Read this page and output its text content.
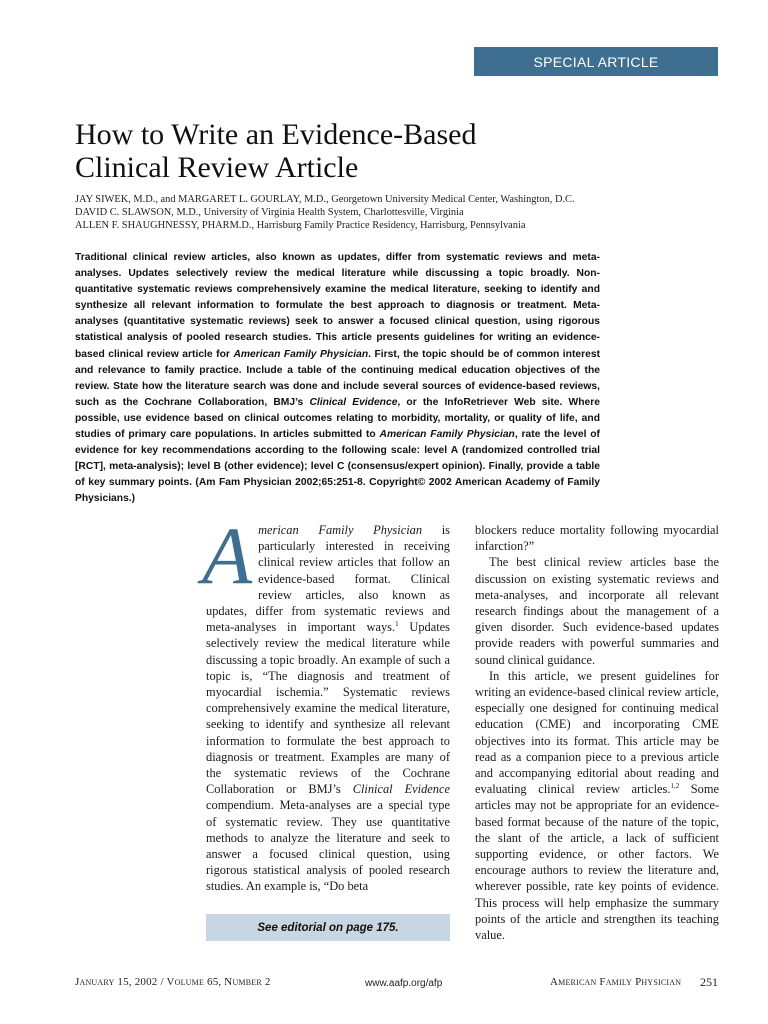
SPECIAL ARTICLE
How to Write an Evidence-Based
Clinical Review Article
JAY SIWEK, M.D., and MARGARET L. GOURLAY, M.D., Georgetown University Medical Center, Washington, D.C.
DAVID C. SLAWSON, M.D., University of Virginia Health System, Charlottesville, Virginia
ALLEN F. SHAUGHNESSY, PHARM.D., Harrisburg Family Practice Residency, Harrisburg, Pennsylvania
Traditional clinical review articles, also known as updates, differ from systematic reviews and meta-analyses. Updates selectively review the medical literature while discussing a topic broadly. Non-quantitative systematic reviews comprehensively examine the medical literature, seeking to identify and synthesize all relevant information to formulate the best approach to diagnosis or treatment. Meta-analyses (quantitative systematic reviews) seek to answer a focused clinical question, using rigorous statistical analysis of pooled research studies. This article presents guidelines for writing an evidence-based clinical review article for American Family Physician. First, the topic should be of common interest and relevance to family practice. Include a table of the continuing medical education objectives of the review. State how the literature search was done and include several sources of evidence-based reviews, such as the Cochrane Collaboration, BMJ’s Clinical Evidence, or the InfoRetriever Web site. Where possible, use evidence based on clinical outcomes relating to morbidity, mortality, or quality of life, and studies of primary care populations. In articles submitted to American Family Physician, rate the level of evidence for key recommendations according to the following scale: level A (randomized controlled trial [RCT], meta-analysis); level B (other evidence); level C (consensus/expert opinion). Finally, provide a table of key summary points. (Am Fam Physician 2002;65:251-8. Copyright© 2002 American Academy of Family Physicians.)

American Family Physician is particularly interested in receiving clinical review articles that follow an evidence-based format. Clinical review articles, also known as updates, differ from systematic reviews and meta-analyses in important ways.$^1$ Updates selectively review the medical literature while discussing a topic broadly. An example of such a topic is, “The diagnosis and treatment of myocardial ischemia.” Systematic reviews comprehensively examine the medical literature, seeking to identify and synthesize all relevant information to formulate the best approach to diagnosis or treatment. Examples are many of the systematic reviews of the Cochrane Collaboration or BMJ’s Clinical Evidence compendium. Meta-analyses are a special type of systematic review. They use quantitative methods to analyze the literature and seek to answer a focused clinical question, using rigorous statistical analysis of pooled research studies. An example is, “Do beta

blockers reduce mortality following myocardial infarction?”

The best clinical review articles base the discussion on existing systematic reviews and meta-analyses, and incorporate all relevant research findings about the management of a given disorder. Such evidence-based updates provide readers with powerful summaries and sound clinical guidance.

In this article, we present guidelines for writing an evidence-based clinical review article, especially one designed for continuing medical education (CME) and incorporating CME objectives into its format. This article may be read as a companion piece to a previous article and accompanying editorial about reading and evaluating clinical review articles.$^{1,2}$ Some articles may not be appropriate for an evidence-based format because of the nature of the topic, the slant of the article, a lack of sufficient supporting evidence, or other factors. We encourage authors to review the literature and, wherever possible, rate key points of evidence. This process will help emphasize the summary points of the article and strengthen its teaching value.

See editorial on page 175.
January 15, 2002 / Volume 65, Number 2	www.aafp.org/afp	American Family Physician 251
